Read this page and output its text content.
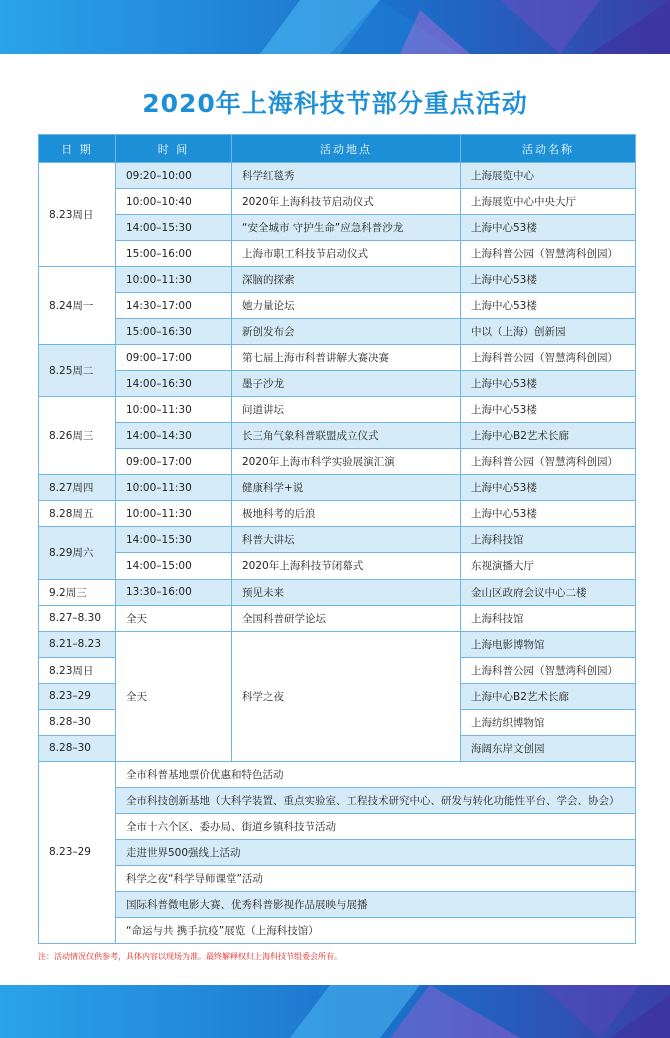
2020年上海科技节部分重点活动
日 期	时 间	活动地点	活动名称
8.23周日	09:20–10:00	科学红毯秀	上海展览中心
	10:00–10:40	2020年上海科技节启动仪式	上海展览中心中央大厅
	14:00–15:30	“安全城市 守护生命”应急科普沙龙	上海中心53楼
	15:00–16:00	上海市职工科技节启动仪式	上海科普公园（智慧湾科创园）
8.24周一	10:00–11:30	深脑的探索	上海中心53楼
	14:30–17:00	她力量论坛	上海中心53楼
	15:00–16:30	新创发布会	中以（上海）创新园
8.25周二	09:00–17:00	第七届上海市科普讲解大赛决赛	上海科普公园（智慧湾科创园）
	14:00–16:30	墨子沙龙	上海中心53楼
8.26周三	10:00–11:30	问道讲坛	上海中心53楼
	14:00–14:30	长三角气象科普联盟成立仪式	上海中心B2艺术长廊
	09:00–17:00	2020年上海市科学实验展演汇演	上海科普公园（智慧湾科创园）
8.27周四	10:00–11:30	健康科学+说	上海中心53楼
8.28周五	10:00–11:30	极地科考的后浪	上海中心53楼
8.29周六	14:00–15:30	科普大讲坛	上海科技馆
	14:00–15:00	2020年上海科技节闭幕式	东视演播大厅
9.2周三	13:30–16:00	预见未来	金山区政府会议中心二楼
8.27–8.30	全天	全国科普研学论坛	上海科技馆
8.21–8.23	全天	科学之夜	上海电影博物馆
8.23周日			上海科普公园（智慧湾科创园）
8.23–29			上海中心B2艺术长廊
8.28–30			上海纺织博物馆
8.28–30			海阔东岸文创园
8.23–29	全市科普基地票价优惠和特色活动		
	全市科技创新基地（大科学装置、重点实验室、工程技术研究中心、研发与转化功能性平台、学会、协会）		
	全市十六个区、委办局、街道乡镇科技节活动		
	走进世界500强线上活动		
	科学之夜“科学导师课堂”活动		
	国际科普微电影大赛、优秀科普影视作品展映与展播		
	“命运与共 携手抗疫”展览（上海科技馆）		
注：活动情况仅供参考，具体内容以现场为准。最终解释权归上海科技节组委会所有。
